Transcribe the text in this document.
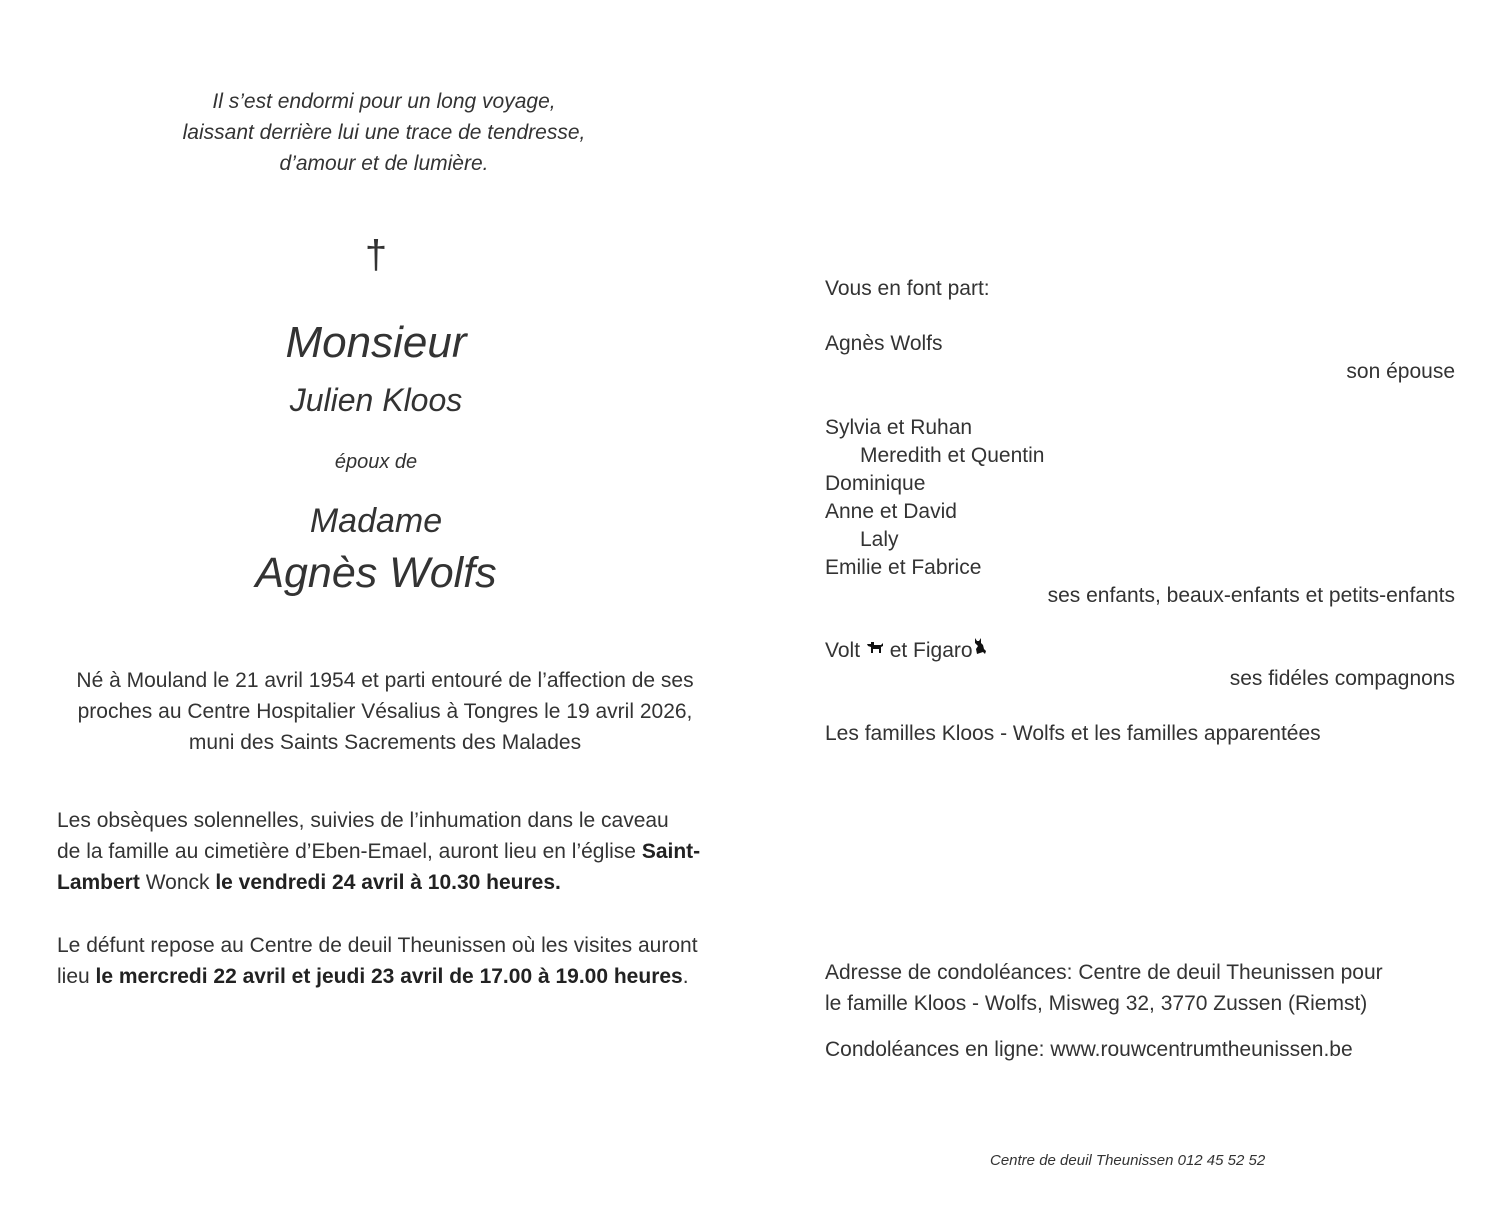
Il s’est endormi pour un long voyage,
laissant derrière lui une trace de tendresse,
d’amour et de lumière.
†
Monsieur
Julien Kloos
époux de
Madame
Agnès Wolfs
Né à Mouland le 21 avril 1954 et parti entouré de l’affection de ses
proches au Centre Hospitalier Vésalius à Tongres le 19 avril 2026,
muni des Saints Sacrements des Malades
Les obsèques solennelles, suivies de l’inhumation dans le caveau
de la famille au cimetière d’Eben-Emael, auront lieu en l’église Saint-
Lambert Wonck le vendredi 24 avril à 10.30 heures.
Le défunt repose au Centre de deuil Theunissen où les visites auront
lieu le mercredi 22 avril et jeudi 23 avril de 17.00 à 19.00 heures.
Vous en font part:
Agnès Wolfs
son épouse
Sylvia et Ruhan
Meredith et Quentin
Dominique
Anne et David
Laly
Emilie et Fabrice
ses enfants, beaux-enfants et petits-enfants
Volt  et Figaro
ses fidéles compagnons
Les familles Kloos - Wolfs et les familles apparentées
Adresse de condoléances: Centre de deuil Theunissen pour
le famille Kloos - Wolfs, Misweg 32, 3770 Zussen (Riemst)
Condoléances en ligne: www.rouwcentrumtheunissen.be
Centre de deuil Theunissen 012 45 52 52
